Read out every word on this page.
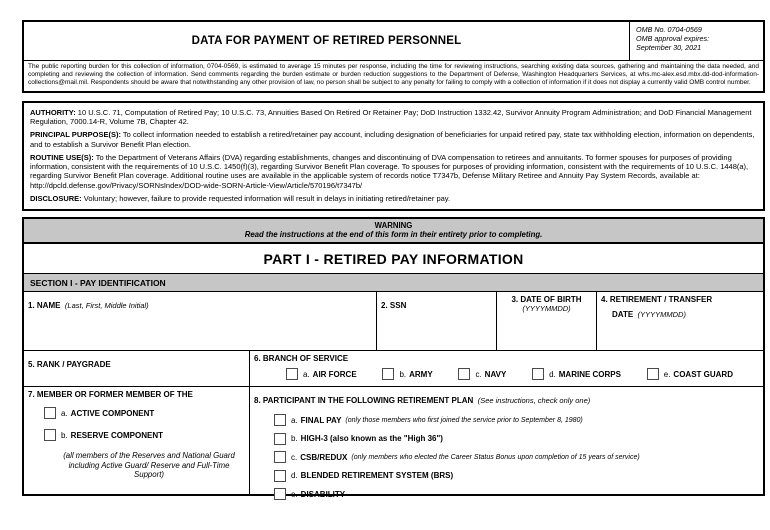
DATA FOR PAYMENT OF RETIRED PERSONNEL
OMB No. 0704-0569
OMB approval expires:
September 30, 2021
The public reporting burden for this collection of information, 0704-0569, is estimated to average 15 minutes per response, including the time for reviewing instructions, searching existing data sources, gathering and maintaining the data needed, and completing and reviewing the collection of information. Send comments regarding the burden estimate or burden reduction suggestions to the Department of Defense, Washington Headquarters Services, at whs.mc-alex.esd.mbx.dd-dod-information-collections@mail.mil. Respondents should be aware that notwithstanding any other provision of law, no person shall be subject to any penalty for failing to comply with a collection of information if it does not display a currently valid OMB control number.
AUTHORITY: 10 U.S.C. 71, Computation of Retired Pay; 10 U.S.C. 73, Annuities Based On Retired Or Retainer Pay; DoD Instruction 1332.42, Survivor Annuity Program Administration; and DoD Financial Management Regulation, 7000.14-R, Volume 7B, Chapter 42.
PRINCIPAL PURPOSE(S): To collect information needed to establish a retired/retainer pay account, including designation of beneficiaries for unpaid retired pay, state tax withholding election, information on dependents, and to establish a Survivor Benefit Plan election.
ROUTINE USE(S): To the Department of Veterans Affairs (DVA) regarding establishments, changes and discontinuing of DVA compensation to retirees and annuitants. To former spouses for purposes of providing information, consistent with the requirements of 10 U.S.C. 1450(f)(3), regarding Survivor Benefit Plan coverage. To spouses for purposes of providing information, consistent with the requirements of 10 U.S.C. 1448(a), regarding Survivor Benefit Plan coverage. Additional routine uses are available in the applicable system of records notice T7347b, Defense Military Retiree and Annuity Pay System Records, available at: http://dpcld.defense.gov/Privacy/SORNsIndex/DOD-wide-SORN-Article-View/Article/570196/t7347b/
DISCLOSURE: Voluntary; however, failure to provide requested information will result in delays in initiating retired/retainer pay.
WARNING
Read the instructions at the end of this form in their entirety prior to completing.
PART I - RETIRED PAY INFORMATION
SECTION I - PAY IDENTIFICATION
1. NAME (Last, First, Middle Initial)	2. SSN
3. DATE OF BIRTH
(YYYYMMDD)
4. RETIREMENT / TRANSFER
DATE (YYYYMMDD)
5. RANK / PAYGRADE
6. BRANCH OF SERVICE
a. AIR FORCE	b. ARMY	c. NAVY	d. MARINE CORPS	e. COAST GUARD
7. MEMBER OR FORMER MEMBER OF THE
a. ACTIVE COMPONENT
b. RESERVE COMPONENT
(all members of the Reserves and National Guard including Active Guard/ Reserve and Full-Time Support)
8. PARTICIPANT IN THE FOLLOWING RETIREMENT PLAN (See instructions, check only one)
a. FINAL PAY (only those members who first joined the service prior to September 8, 1980)
b. HIGH-3 (also known as the "High 36")
c. CSB/REDUX (only members who elected the Career Status Bonus upon completion of 15 years of service)
d. BLENDED RETIREMENT SYSTEM (BRS)
e. DISABILITY
